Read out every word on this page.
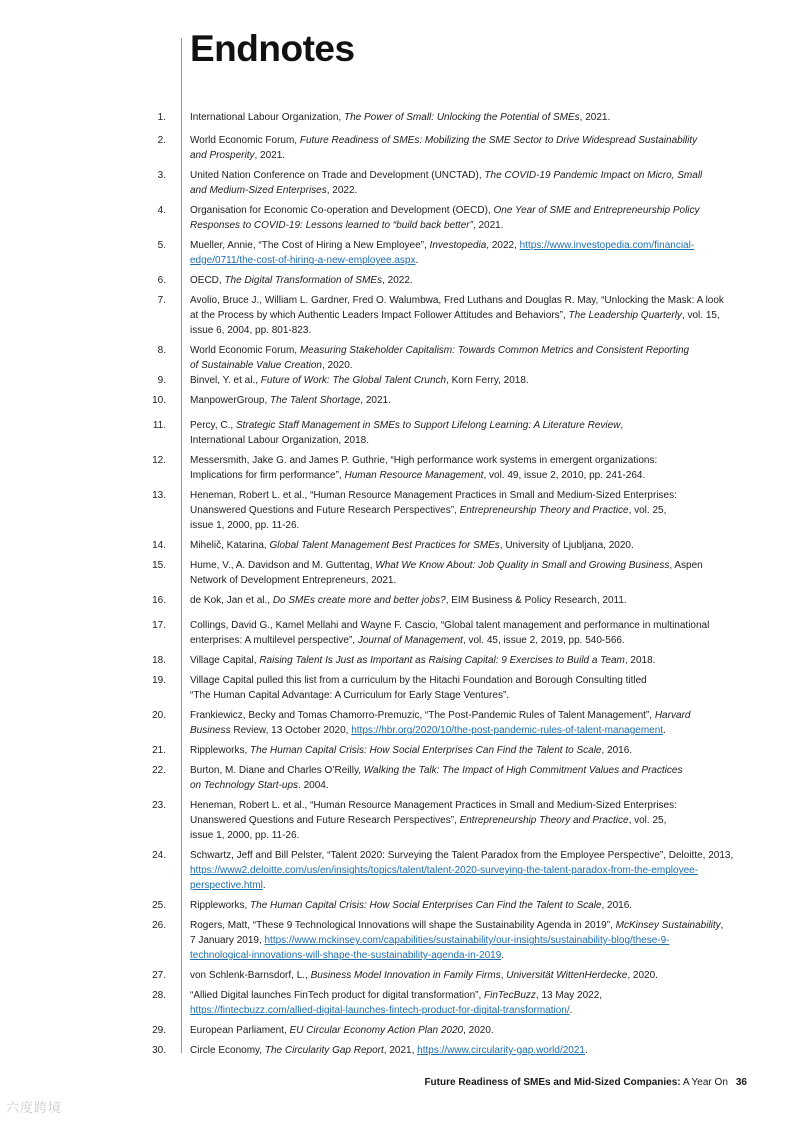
Endnotes
1. International Labour Organization, The Power of Small: Unlocking the Potential of SMEs, 2021.
2. World Economic Forum, Future Readiness of SMEs: Mobilizing the SME Sector to Drive Widespread Sustainability
and Prosperity, 2021.
3. United Nation Conference on Trade and Development (UNCTAD), The COVID-19 Pandemic Impact on Micro, Small
and Medium-Sized Enterprises, 2022.
4. Organisation for Economic Co-operation and Development (OECD), One Year of SME and Entrepreneurship Policy
Responses to COVID-19: Lessons learned to “build back better”, 2021.
5. Mueller, Annie, “The Cost of Hiring a New Employee”, Investopedia, 2022, https://www.investopedia.com/financial-
edge/0711/the-cost-of-hiring-a-new-employee.aspx.
6. OECD, The Digital Transformation of SMEs, 2022.
7. Avolio, Bruce J., William L. Gardner, Fred O. Walumbwa, Fred Luthans and Douglas R. May, “Unlocking the Mask: A look
at the Process by which Authentic Leaders Impact Follower Attitudes and Behaviors”, The Leadership Quarterly, vol. 15,
issue 6, 2004, pp. 801-823.
8. World Economic Forum, Measuring Stakeholder Capitalism: Towards Common Metrics and Consistent Reporting
of Sustainable Value Creation, 2020.
9. Binvel, Y. et al., Future of Work: The Global Talent Crunch, Korn Ferry, 2018.
10. ManpowerGroup, The Talent Shortage, 2021.
11. Percy, C., Strategic Staff Management in SMEs to Support Lifelong Learning: A Literature Review,
International Labour Organization, 2018.
12. Messersmith, Jake G. and James P. Guthrie, “High performance work systems in emergent organizations:
Implications for firm performance”, Human Resource Management, vol. 49, issue 2, 2010, pp. 241-264.
13. Heneman, Robert L. et al., “Human Resource Management Practices in Small and Medium-Sized Enterprises:
Unanswered Questions and Future Research Perspectives”, Entrepreneurship Theory and Practice, vol. 25,
issue 1, 2000, pp. 11-26.
14. Mihelič, Katarina, Global Talent Management Best Practices for SMEs, University of Ljubljana, 2020.
15. Hume, V., A. Davidson and M. Guttentag, What We Know About: Job Quality in Small and Growing Business, Aspen
Network of Development Entrepreneurs, 2021.
16. de Kok, Jan et al., Do SMEs create more and better jobs?, EIM Business & Policy Research, 2011.
17. Collings, David G., Kamel Mellahi and Wayne F. Cascio, “Global talent management and performance in multinational
enterprises: A multilevel perspective”, Journal of Management, vol. 45, issue 2, 2019, pp. 540-566.
18. Village Capital, Raising Talent Is Just as Important as Raising Capital: 9 Exercises to Build a Team, 2018.
19. Village Capital pulled this list from a curriculum by the Hitachi Foundation and Borough Consulting titled
“The Human Capital Advantage: A Curriculum for Early Stage Ventures”.
20. Frankiewicz, Becky and Tomas Chamorro-Premuzic, “The Post-Pandemic Rules of Talent Management”, Harvard
Business Review, 13 October 2020, https://hbr.org/2020/10/the-post-pandemic-rules-of-talent-management.
21. Rippleworks, The Human Capital Crisis: How Social Enterprises Can Find the Talent to Scale, 2016.
22. Burton, M. Diane and Charles O’Reilly, Walking the Talk: The Impact of High Commitment Values and Practices
on Technology Start-ups. 2004.
23. Heneman, Robert L. et al., “Human Resource Management Practices in Small and Medium-Sized Enterprises:
Unanswered Questions and Future Research Perspectives”, Entrepreneurship Theory and Practice, vol. 25,
issue 1, 2000, pp. 11-26.
24. Schwartz, Jeff and Bill Pelster, “Talent 2020: Surveying the Talent Paradox from the Employee Perspective”, Deloitte, 2013,
https://www2.deloitte.com/us/en/insights/topics/talent/talent-2020-surveying-the-talent-paradox-from-the-employee-
perspective.html.
25. Rippleworks, The Human Capital Crisis: How Social Enterprises Can Find the Talent to Scale, 2016.
26. Rogers, Matt, “These 9 Technological Innovations will shape the Sustainability Agenda in 2019”, McKinsey Sustainability,
7 January 2019, https://www.mckinsey.com/capabilities/sustainability/our-insights/sustainability-blog/these-9-
technological-innovations-will-shape-the-sustainability-agenda-in-2019.
27. von Schlenk-Barnsdorf, L., Business Model Innovation in Family Firms, Universität WittenHerdecke, 2020.
28. “Allied Digital launches FinTech product for digital transformation”, FinTecBuzz, 13 May 2022,
https://fintecbuzz.com/allied-digital-launches-fintech-product-for-digital-transformation/.
29. European Parliament, EU Circular Economy Action Plan 2020, 2020.
30. Circle Economy, The Circularity Gap Report, 2021, https://www.circularity-gap.world/2021.
Future Readiness of SMEs and Mid-Sized Companies: A Year On 36
六度跨境
